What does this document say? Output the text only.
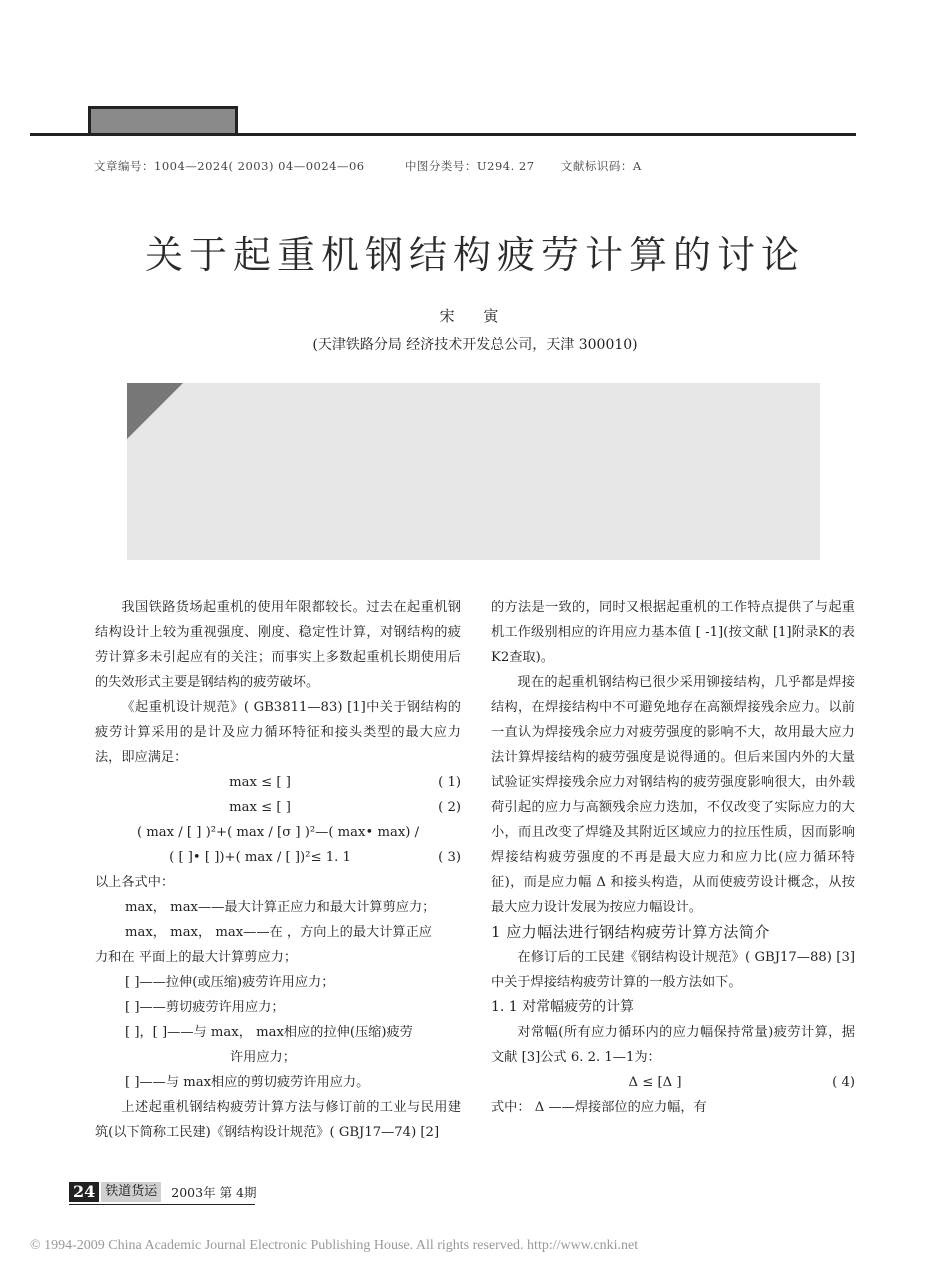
文章编号：1004—2024( 2003) 04—0024—06	中图分类号：U294. 27 文献标识码：A
关于起重机钢结构疲劳计算的讨论
宋 寅
(天津铁路分局 经济技术开发总公司，天津 300010)

我国铁路货场起重机的使用年限都较长。过去在起重机钢结构设计上较为重视强度、刚度、稳定性计算，对钢结构的疲劳计算多未引起应有的关注；而事实上多数起重机长期使用后的失效形式主要是钢结构的疲劳破坏。

《起重机设计规范》( GB3811—83) [1]中关于钢结构的疲劳计算采用的是计及应力循环特征和接头类型的最大应力法，即应满足：

max ≤ [ ]	( 1)
max ≤ [ ]	( 2)
( max / [ ] )²+( max / [σ ] )²—( max• max) /
( [ ]• [ ])+( max / [ ])²≤ 1. 1	( 3)

以上各式中：

max， max——最大计算正应力和最大计算剪应力；

max， max， max——在 ，方向上的最大计算正应

力和在 平面上的最大计算剪应力；

[ ]——拉伸(或压缩)疲劳许用应力；

[ ]——剪切疲劳许用应力；

[ ]，[ ]——与 max， max相应的拉伸(压缩)疲劳

许用应力；

[ ]——与 max相应的剪切疲劳许用应力。

上述起重机钢结构疲劳计算方法与修订前的工业与民用建筑(以下简称工民建)《钢结构设计规范》( GBJ17—74) [2]

的方法是一致的，同时又根据起重机的工作特点提供了与起重机工作级别相应的许用应力基本值 [ -1](按文献 [1]附录K的表 K2查取)。

现在的起重机钢结构已很少采用铆接结构，几乎都是焊接结构，在焊接结构中不可避免地存在高额焊接残余应力。以前一直认为焊接残余应力对疲劳强度的影响不大，故用最大应力法计算焊接结构的疲劳强度是说得通的。但后来国内外的大量试验证实焊接残余应力对钢结构的疲劳强度影响很大，由外载荷引起的应力与高额残余应力迭加，不仅改变了实际应力的大小，而且改变了焊缝及其附近区域应力的拉压性质，因而影响焊接结构疲劳强度的不再是最大应力和应力比(应力循环特征)，而是应力幅 Δ 和接头构造，从而使疲劳设计概念，从按最大应力设计发展为按应力幅设计。

1 应力幅法进行钢结构疲劳计算方法简介

在修订后的工民建《钢结构设计规范》( GBJ17—88) [3]中关于焊接结构疲劳计算的一般方法如下。

1. 1 对常幅疲劳的计算

对常幅(所有应力循环内的应力幅保持常量)疲劳计算，据文献 [3]公式 6. 2. 1—1为：

Δ ≤ [Δ ]	( 4)

式中： Δ ——焊接部位的应力幅，有

24 铁道货运	2003年 第 4期
© 1994-2009 China Academic Journal Electronic Publishing House. All rights reserved. http://www.cnki.net
